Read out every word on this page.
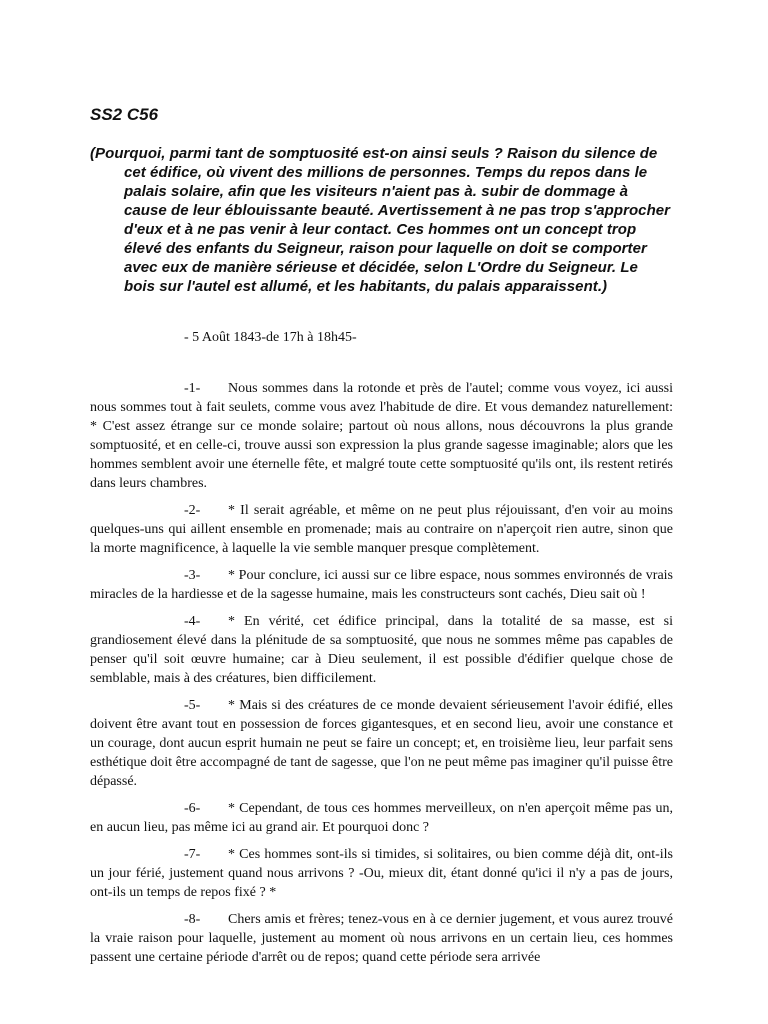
SS2 C56

(Pourquoi, parmi tant de somptuosité est-on ainsi seuls ? Raison du silence de cet édifice, où vivent des millions de personnes. Temps du repos dans le palais solaire, afin que les visiteurs n'aient pas à. subir de dommage à cause de leur éblouissante beauté. Avertissement à ne pas trop s'approcher d'eux et à ne pas venir à leur contact. Ces hommes ont un concept trop élevé des enfants du Seigneur, raison pour laquelle on doit se comporter avec eux de manière sérieuse et décidée, selon L'Ordre du Seigneur. Le bois sur l'autel est allumé, et les habitants, du palais apparaissent.)

- 5 Août 1843-de 17h à 18h45-

-1- Nous sommes dans la rotonde et près de l'autel; comme vous voyez, ici aussi nous sommes tout à fait seulets, comme vous avez l'habitude de dire. Et vous demandez naturellement: * C'est assez étrange sur ce monde solaire; partout où nous allons, nous découvrons la plus grande somptuosité, et en celle-ci, trouve aussi son expression la plus grande sagesse imaginable; alors que les hommes semblent avoir une éternelle fête, et malgré toute cette somptuosité qu'ils ont, ils restent retirés dans leurs chambres.

-2- * Il serait agréable, et même on ne peut plus réjouissant, d'en voir au moins quelques-uns qui aillent ensemble en promenade; mais au contraire on n'aperçoit rien autre, sinon que la morte magnificence, à laquelle la vie semble manquer presque complètement.

-3- * Pour conclure, ici aussi sur ce libre espace, nous sommes environnés de vrais miracles de la hardiesse et de la sagesse humaine, mais les constructeurs sont cachés, Dieu sait où !

-4- * En vérité, cet édifice principal, dans la totalité de sa masse, est si grandiosement élevé dans la plénitude de sa somptuosité, que nous ne sommes même pas capables de penser qu'il soit œuvre humaine; car à Dieu seulement, il est possible d'édifier quelque chose de semblable, mais à des créatures, bien difficilement.

-5- * Mais si des créatures de ce monde devaient sérieusement l'avoir édifié, elles doivent être avant tout en possession de forces gigantesques, et en second lieu, avoir une constance et un courage, dont aucun esprit humain ne peut se faire un concept; et, en troisième lieu, leur parfait sens esthétique doit être accompagné de tant de sagesse, que l'on ne peut même pas imaginer qu'il puisse être dépassé.

-6- * Cependant, de tous ces hommes merveilleux, on n'en aperçoit même pas un, en aucun lieu, pas même ici au grand air. Et pourquoi donc ?

-7- * Ces hommes sont-ils si timides, si solitaires, ou bien comme déjà dit, ont-ils un jour férié, justement quand nous arrivons ? -Ou, mieux dit, étant donné qu'ici il n'y a pas de jours, ont-ils un temps de repos fixé ? *

-8- Chers amis et frères; tenez-vous en à ce dernier jugement, et vous aurez trouvé la vraie raison pour laquelle, justement au moment où nous arrivons en un certain lieu, ces hommes passent une certaine période d'arrêt ou de repos; quand cette période sera arrivée
